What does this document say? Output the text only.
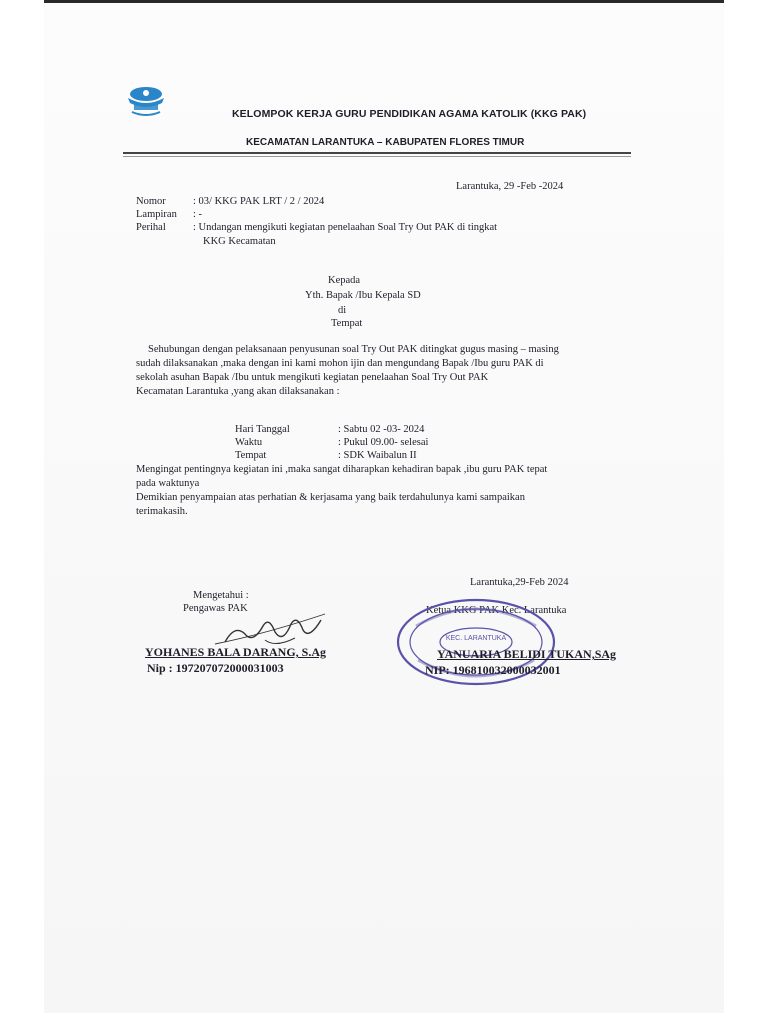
KELOMPOK KERJA GURU PENDIDIKAN AGAMA KATOLIK (KKG PAK)
KECAMATAN LARANTUKA – KABUPATEN FLORES TIMUR
Larantuka, 29 -Feb -2024
Nomor	: 03/ KKG PAK LRT / 2 / 2024
Lampiran : -
Perihal	: Undangan mengikuti kegiatan penelaahan Soal Try Out PAK di tingkat
KKG Kecamatan
Kepada
Yth. Bapak /Ibu Kepala SD
di
Tempat
Sehubungan dengan pelaksanaan penyusunan soal Try Out PAK ditingkat gugus masing – masing
sudah dilaksanakan ,maka dengan ini kami mohon ijin dan mengundang Bapak /Ibu guru PAK di
sekolah asuhan Bapak /Ibu untuk mengikuti kegiatan penelaahan Soal Try Out PAK
Kecamatan Larantuka ,yang akan dilaksanakan :
Hari Tanggal	: Sabtu 02 -03- 2024
Waktu	: Pukul 09.00- selesai
Tempat	: SDK Waibalun II
Mengingat pentingnya kegiatan ini ,maka sangat diharapkan kehadiran bapak ,ibu guru PAK tepat
pada waktunya
Demikian penyampaian atas perhatian & kerjasama yang baik terdahulunya kami sampaikan
terimakasih.
Larantuka,29-Feb 2024
Mengetahui :
Pengawas PAK	Ketua KKG PAK Kec. Larantuka
KEC. LARANTUKA
YOHANES BALA DARANG, S.Ag
Nip : 197207072000031003
YANUARIA BELIDI TUKAN,SAg
NIP: 196810032000032001
